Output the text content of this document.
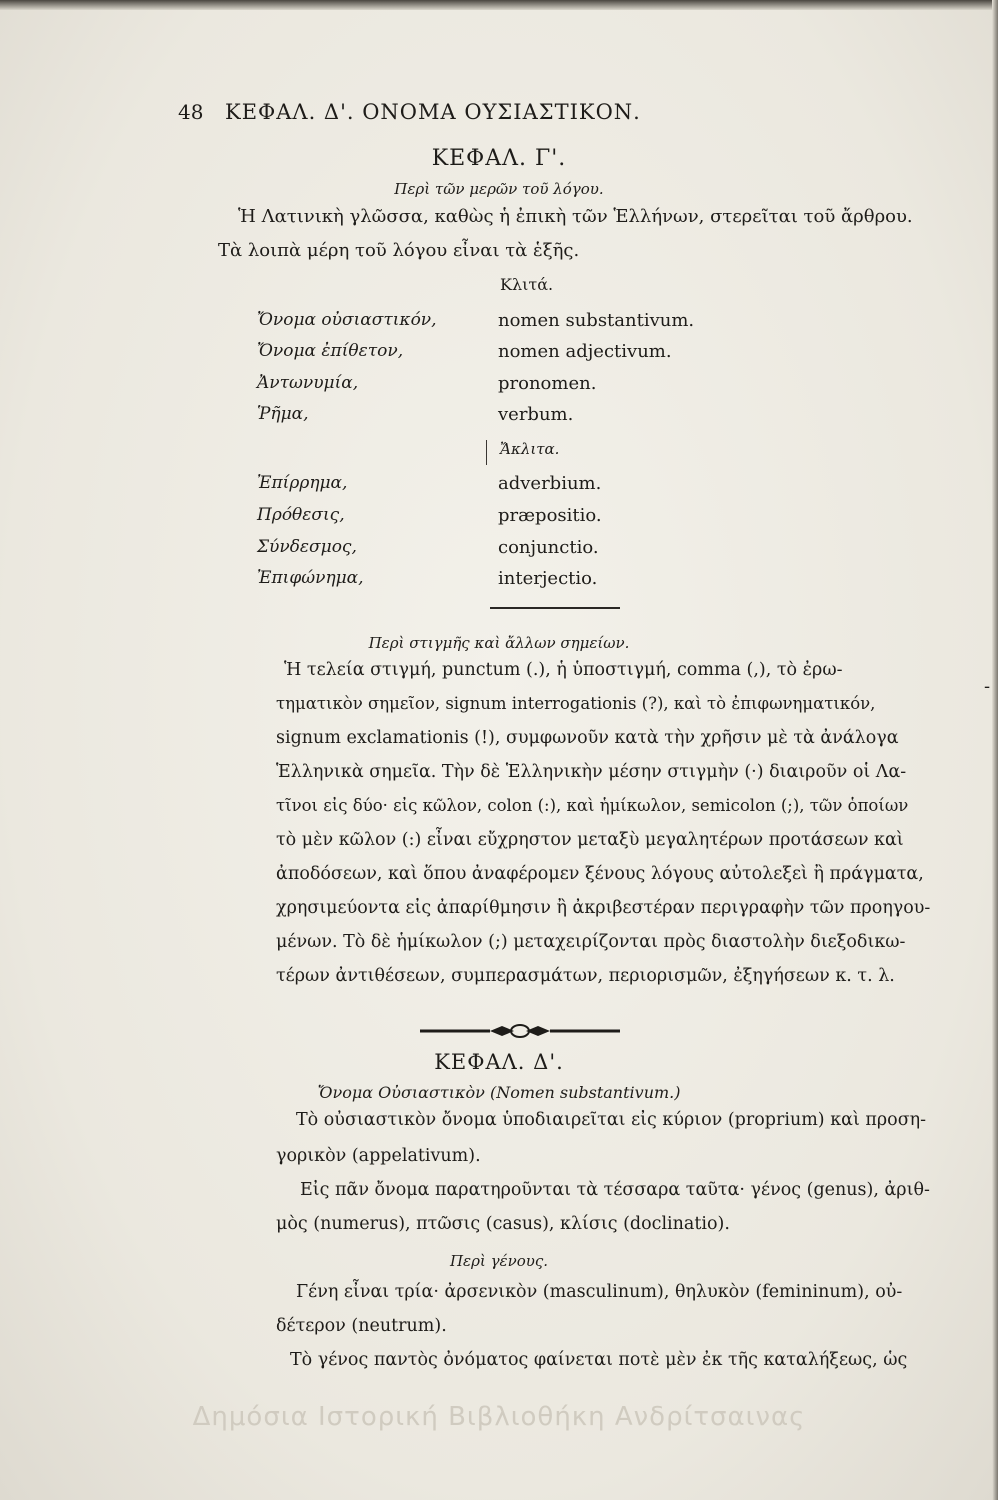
48 ΚΕΦΑΛ. Δ'. ΟΝΟΜΑ ΟΥΣΙΑΣΤΙΚΟΝ.
ΚΕΦΑΛ. Γ'.
Περὶ τῶν μερῶν τοῦ λόγου.
Ἡ Λατινικὴ γλῶσσα, καθὼς ἡ ἐπικὴ τῶν Ἑλλήνων, στερεῖται τοῦ ἄρθρου.
Τὰ λοιπὰ μέρη τοῦ λόγου εἶναι τὰ ἑξῆς.
Κλιτά.
Ὄνομα οὐσιαστικόν,	nomen substantivum.
Ὄνομα ἐπίθετον,	nomen adjectivum.
Ἀντωνυμία,	pronomen.
Ῥῆμα,	verbum.
Ἄκλιτα.
Ἐπίρρημα,	adverbium.
Πρόθεσις,	præpositio.
Σύνδεσμος,	conjunctio.
Ἐπιφώνημα,	interjectio.
Περὶ στιγμῆς καὶ ἄλλων σημείων.
Ἡ τελεία στιγμή, punctum (.), ἡ ὑποστιγμή, comma (,), τὸ ἐρω-
τηματικὸν σημεῖον, signum interrogationis (?), καὶ τὸ ἐπιφωνηματικόν,
signum exclamationis (!), συμφωνοῦν κατὰ τὴν χρῆσιν μὲ τὰ ἀνάλογα
Ἑλληνικὰ σημεῖα. Τὴν δὲ Ἑλληνικὴν μέσην στιγμὴν (·) διαιροῦν οἱ Λα-
τῖνοι εἰς δύο· εἰς κῶλον, colon (:), καὶ ἡμίκωλον, semicolon (;), τῶν ὁποίων
τὸ μὲν κῶλον (:) εἶναι εὔχρηστον μεταξὺ μεγαλητέρων προτάσεων καὶ
ἀποδόσεων, καὶ ὅπου ἀναφέρομεν ξένους λόγους αὐτολεξεὶ ἢ πράγματα,
χρησιμεύοντα εἰς ἀπαρίθμησιν ἢ ἀκριβεστέραν περιγραφὴν τῶν προηγου-
μένων. Τὸ δὲ ἡμίκωλον (;) μεταχειρίζονται πρὸς διαστολὴν διεξοδικω-
τέρων ἀντιθέσεων, συμπερασμάτων, περιορισμῶν, ἐξηγήσεων κ. τ. λ.
ΚΕΦΑΛ. Δ'.
Ὄνομα Οὐσιαστικὸν (Nomen substantivum.)
Τὸ οὐσιαστικὸν ὄνομα ὑποδιαιρεῖται εἰς κύριον (proprium) καὶ προση-
γορικὸν (appelativum).
Εἰς πᾶν ὄνομα παρατηροῦνται τὰ τέσσαρα ταῦτα· γένος (genus), ἀριθ-
μὸς (numerus), πτῶσις (casus), κλίσις (doclinatio).
Περὶ γένους.
Γένη εἶναι τρία· ἀρσενικὸν (masculinum), θηλυκὸν (femininum), οὐ-
δέτερον (neutrum).
Τὸ γένος παντὸς ὀνόματος φαίνεται ποτὲ μὲν ἐκ τῆς καταλήξεως, ὡς
-
Δημόσια Ιστορική Βιβλιοθήκη Ανδρίτσαινας
